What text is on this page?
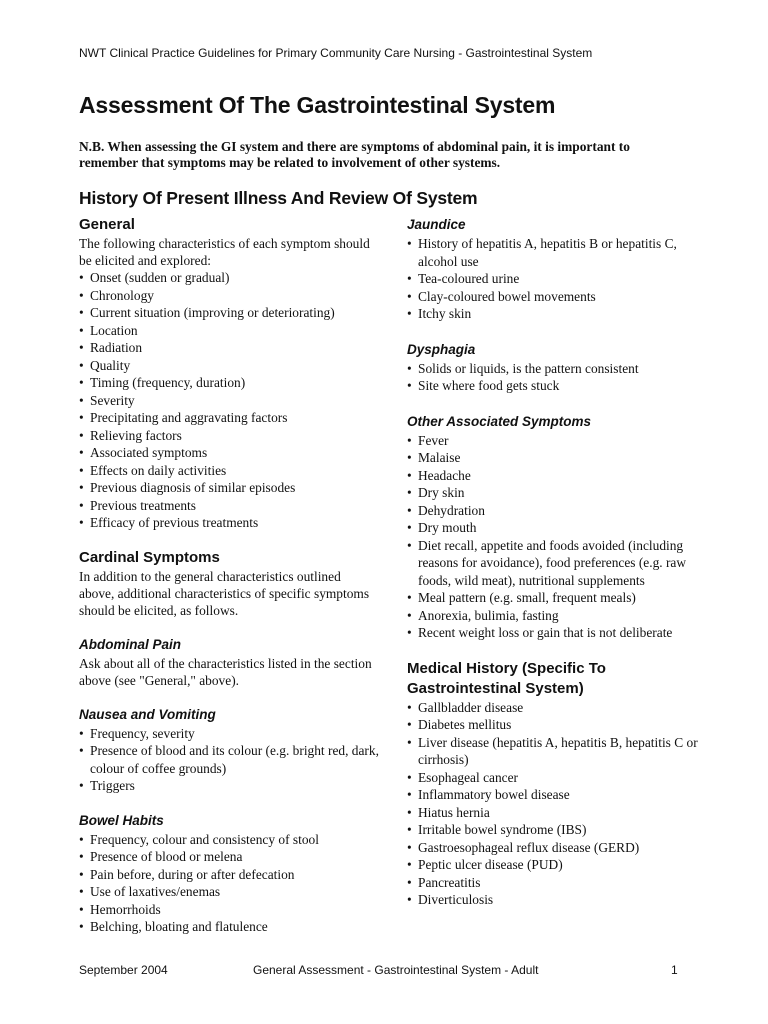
NWT Clinical Practice Guidelines for Primary Community Care Nursing - Gastrointestinal System
Assessment Of The Gastrointestinal System

N.B. When assessing the GI system and there are symptoms of abdominal pain, it is important to remember that symptoms may be related to involvement of other systems.

History Of Present Illness And Review Of System
General

The following characteristics of each symptom should be elicited and explored:

• Onset (sudden or gradual)
• Chronology
• Current situation (improving or deteriorating)
• Location
• Radiation
• Quality
• Timing (frequency, duration)
• Severity
• Precipitating and aggravating factors
• Relieving factors
• Associated symptoms
• Effects on daily activities
• Previous diagnosis of similar episodes
• Previous treatments
• Efficacy of previous treatments
Cardinal Symptoms

In addition to the general characteristics outlined above, additional characteristics of specific symptoms should be elicited, as follows.

Abdominal Pain

Ask about all of the characteristics listed in the section above (see "General," above).

Nausea and Vomiting
• Frequency, severity
• Presence of blood and its colour (e.g. bright red, dark, colour of coffee grounds)
• Triggers
Bowel Habits
• Frequency, colour and consistency of stool
• Presence of blood or melena
• Pain before, during or after defecation
• Use of laxatives/enemas
• Hemorrhoids
• Belching, bloating and flatulence
Jaundice
• History of hepatitis A, hepatitis B or hepatitis C, alcohol use
• Tea-coloured urine
• Clay-coloured bowel movements
• Itchy skin
Dysphagia
• Solids or liquids, is the pattern consistent
• Site where food gets stuck
Other Associated Symptoms
• Fever
• Malaise
• Headache
• Dry skin
• Dehydration
• Dry mouth
• Diet recall, appetite and foods avoided (including reasons for avoidance), food preferences (e.g. raw foods, wild meat), nutritional supplements
• Meal pattern (e.g. small, frequent meals)
• Anorexia, bulimia, fasting
• Recent weight loss or gain that is not deliberate
Medical History (Specific To Gastrointestinal System)
• Gallbladder disease
• Diabetes mellitus
• Liver disease (hepatitis A, hepatitis B, hepatitis C or cirrhosis)
• Esophageal cancer
• Inflammatory bowel disease
• Hiatus hernia
• Irritable bowel syndrome (IBS)
• Gastroesophageal reflux disease (GERD)
• Peptic ulcer disease (PUD)
• Pancreatitis
• Diverticulosis
September 2004	General Assessment - Gastrointestinal System - Adult	1
